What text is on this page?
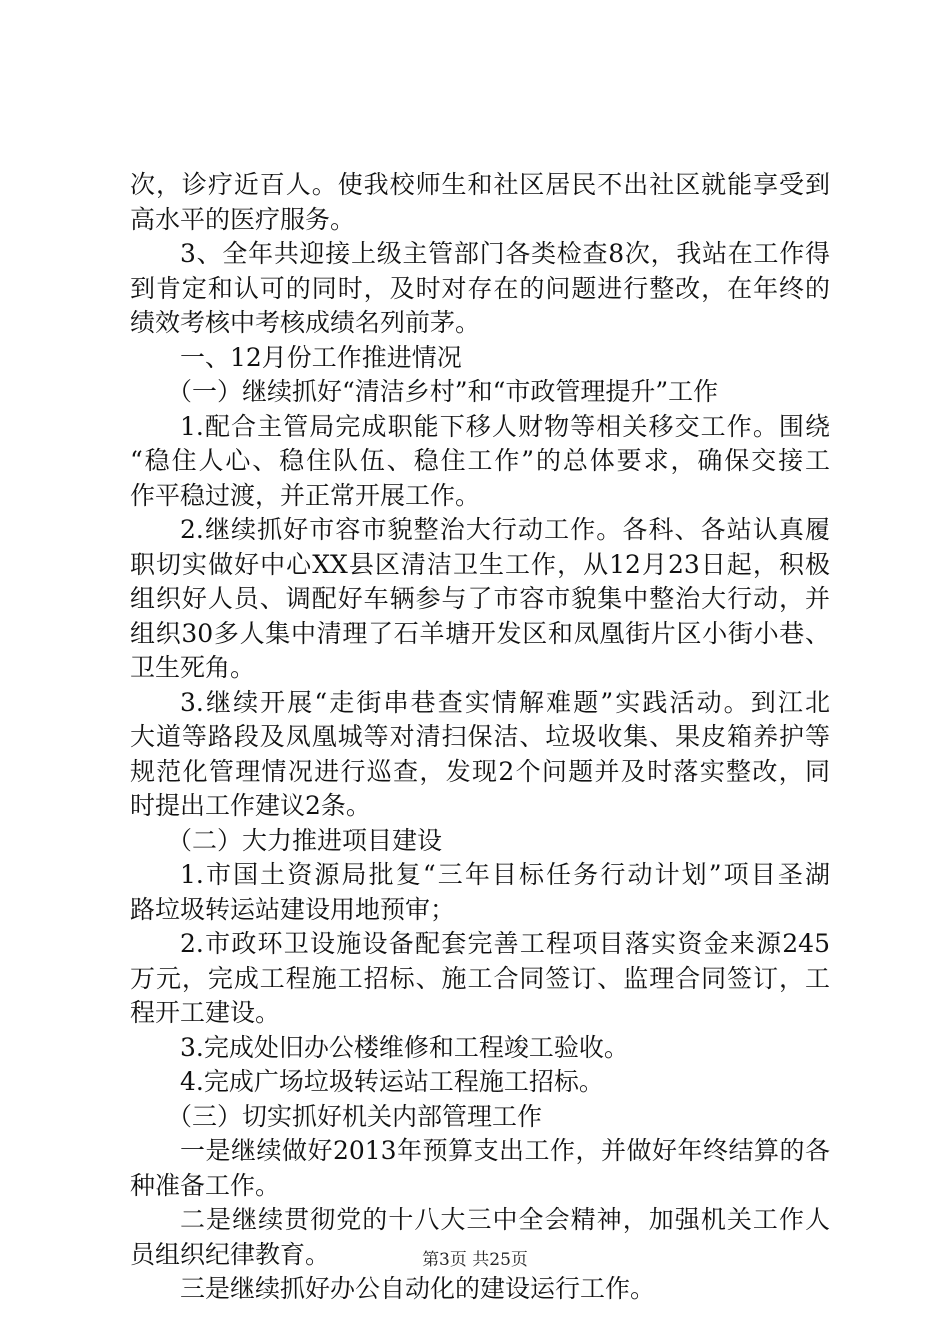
次，诊疗近百人。使我校师生和社区居民不出社区就能享受到
高水平的医疗服务。
3、全年共迎接上级主管部门各类检查8次，我站在工作得
到肯定和认可的同时，及时对存在的问题进行整改，在年终的
绩效考核中考核成绩名列前茅。
一、12月份工作推进情况
（一）继续抓好“清洁乡村”和“市政管理提升”工作
1.配合主管局完成职能下移人财物等相关移交工作。围绕
“稳住人心、稳住队伍、稳住工作”的总体要求，确保交接工
作平稳过渡，并正常开展工作。
2.继续抓好市容市貌整治大行动工作。各科、各站认真履
职切实做好中心XX县区清洁卫生工作，从12月23日起，积极
组织好人员、调配好车辆参与了市容市貌集中整治大行动，并
组织30多人集中清理了石羊塘开发区和凤凰街片区小街小巷、
卫生死角。
3.继续开展“走街串巷查实情解难题”实践活动。到江北
大道等路段及凤凰城等对清扫保洁、垃圾收集、果皮箱养护等
规范化管理情况进行巡查，发现2个问题并及时落实整改，同
时提出工作建议2条。
（二）大力推进项目建设
1.市国土资源局批复“三年目标任务行动计划”项目圣湖
路垃圾转运站建设用地预审；
2.市政环卫设施设备配套完善工程项目落实资金来源245
万元，完成工程施工招标、施工合同签订、监理合同签订，工
程开工建设。
3.完成处旧办公楼维修和工程竣工验收。
4.完成广场垃圾转运站工程施工招标。
（三）切实抓好机关内部管理工作
一是继续做好2013年预算支出工作，并做好年终结算的各
种准备工作。
二是继续贯彻党的十八大三中全会精神，加强机关工作人
员组织纪律教育。
三是继续抓好办公自动化的建设运行工作。
第3页 共25页
